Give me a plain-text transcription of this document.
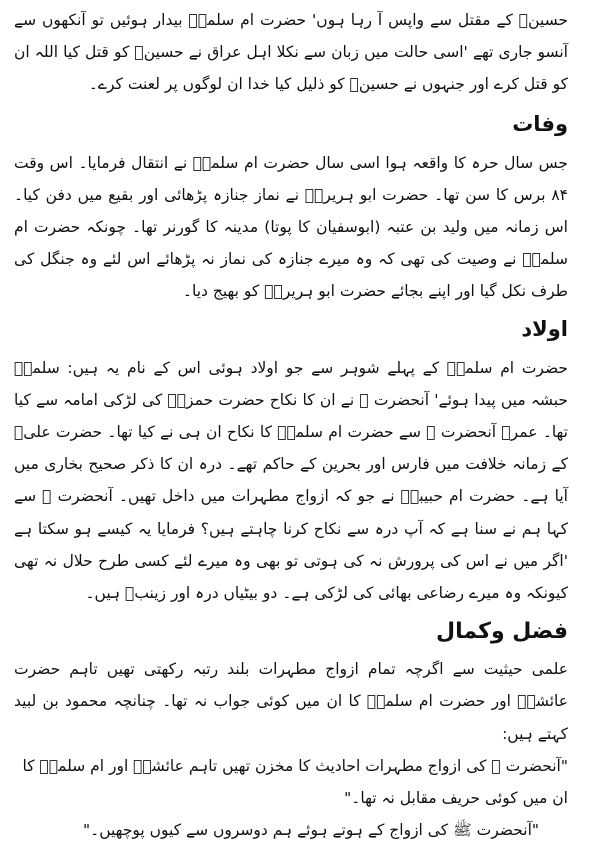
حسینؓ کے مقتل سے واپس آ رہا ہوں' حضرت ام سلمہؓ بیدار ہوئیں تو آنکھوں سے آنسو جاری تھے 'اسی حالت میں زبان سے نکلا اہل عراق نے حسینؓ کو قتل کیا اللہ ان کو قتل کرے اور جنہوں نے حسینؓ کو ذلیل کیا خدا ان لوگوں پر لعنت کرے۔

وفات

جس سال حرہ کا واقعہ ہوا اسی سال حضرت ام سلمہؓ نے انتقال فرمایا۔ اس وقت ۸۴ برس کا سن تھا۔ حضرت ابو ہریرہؓ نے نماز جنازہ پڑھائی اور بقیع میں دفن کیا۔ اس زمانہ میں ولید بن عتبہ (ابوسفیان کا پوتا) مدینہ کا گورنر تھا۔ چونکہ حضرت ام سلمہؓ نے وصیت کی تھی کہ وہ میرے جنازہ کی نماز نہ پڑھائے اس لئے وہ جنگل کی طرف نکل گیا اور اپنے بجائے حضرت ابو ہریرہؓ کو بھیج دیا۔

اولاد

حضرت ام سلمہؓ کے پہلے شوہر سے جو اولاد ہوئی اس کے نام یہ ہیں: سلمہؓ حبشہ میں پیدا ہوئے' آنحضرت ﷺ نے ان کا نکاح حضرت حمزہؓ کی لڑکی امامہ سے کیا تھا۔ عمرؓ آنحضرت ﷺ سے حضرت ام سلمہؓ کا نکاح ان ہی نے کیا تھا۔ حضرت علیؓ کے زمانہ خلافت میں فارس اور بحرین کے حاکم تھے۔ درہ ان کا ذکر صحیح بخاری میں آیا ہے۔ حضرت ام حبیبہؓ نے جو کہ ازواج مطہرات میں داخل تھیں۔ آنحضرت ﷺ سے کہا ہم نے سنا ہے کہ آپ درہ سے نکاح کرنا چاہتے ہیں؟ فرمایا یہ کیسے ہو سکتا ہے 'اگر میں نے اس کی پرورش نہ کی ہوتی تو بھی وہ میرے لئے کسی طرح حلال نہ تھی کیونکہ وہ میرے رضاعی بھائی کی لڑکی ہے۔ دو بیٹیاں درہ اور زینبؓ ہیں۔

فضل وکمال

علمی حیثیت سے اگرچہ تمام ازواج مطہرات بلند رتبہ رکھتی تھیں تاہم حضرت عائشہؓ اور حضرت ام سلمہؓ کا ان میں کوئی جواب نہ تھا۔ چنانچہ محمود بن لبید کہتے ہیں:

"آنحضرت ﷺ کی ازواج مطہرات احادیث کا مخزن تھیں تاہم عائشہؓ اور ام سلمہؓ کا ان میں کوئی حریف مقابل نہ تھا۔"

"آنحضرت ﷺ کی ازواج کے ہوتے ہوئے ہم دوسروں سے کیوں پوچھیں۔"
